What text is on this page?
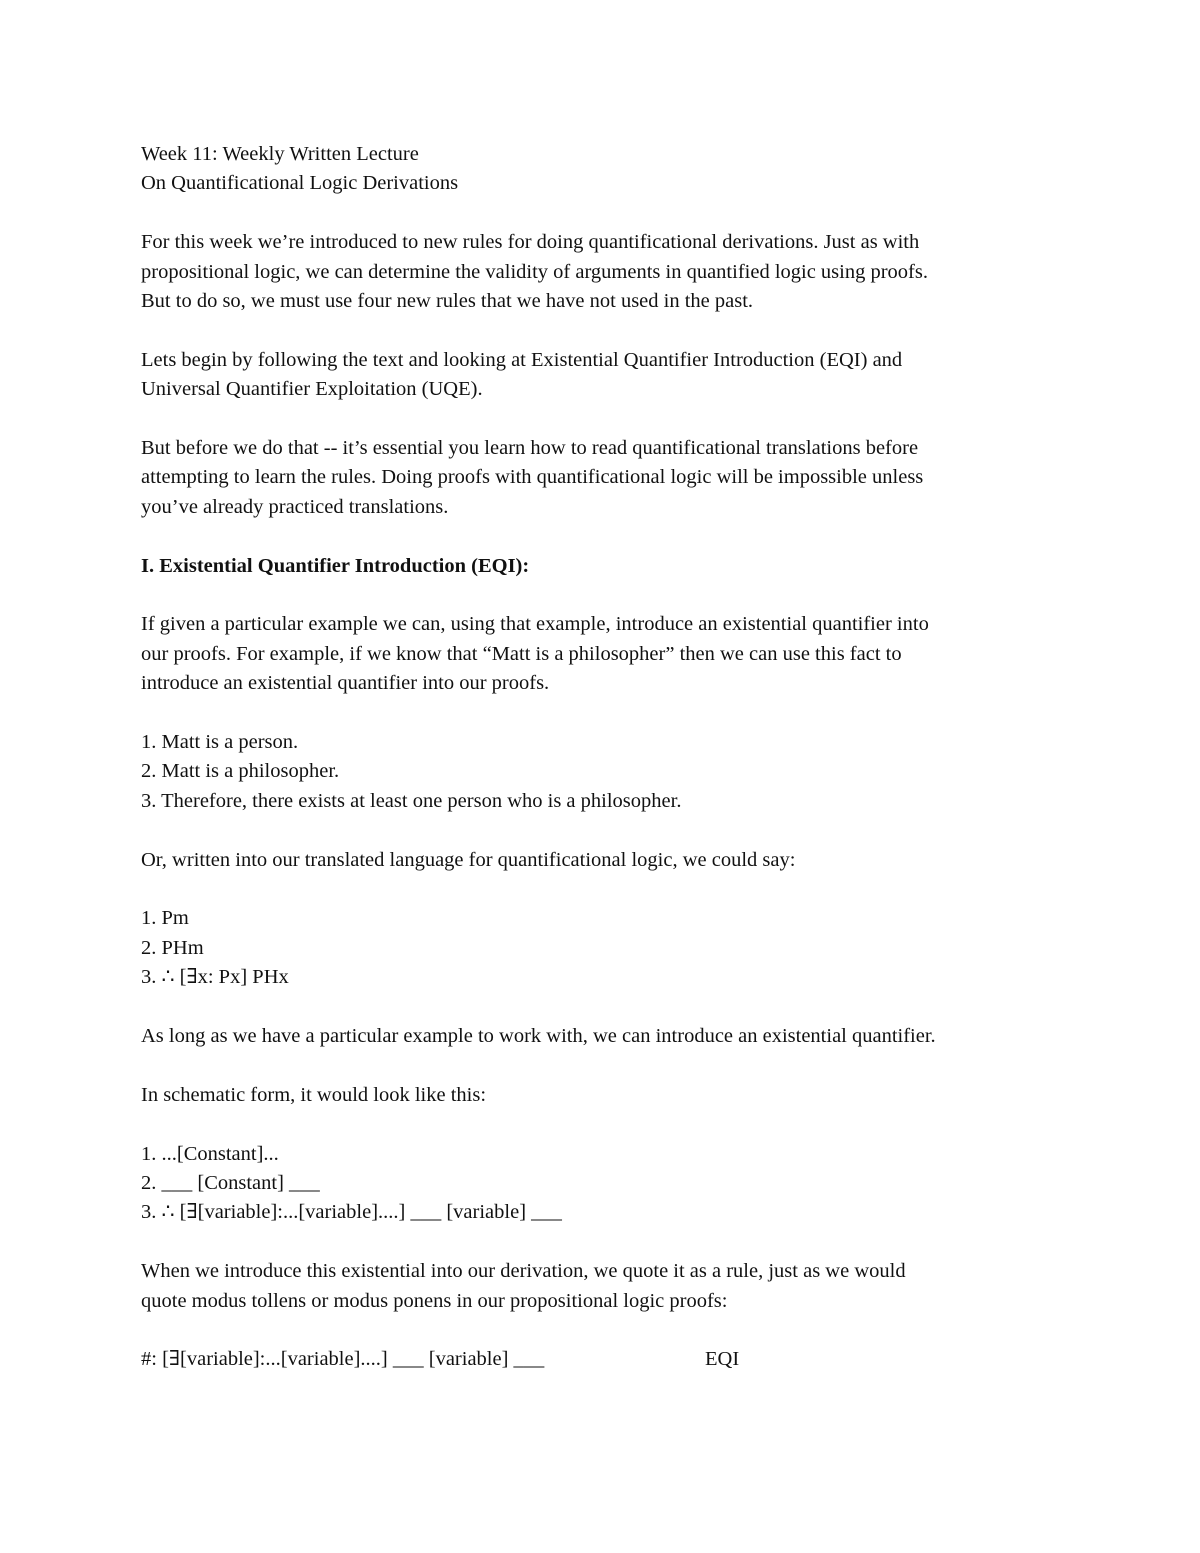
Week 11: Weekly Written Lecture
On Quantificational Logic Derivations

For this week we’re introduced to new rules for doing quantificational derivations. Just as with
propositional logic, we can determine the validity of arguments in quantified logic using proofs.
But to do so, we must use four new rules that we have not used in the past.

Lets begin by following the text and looking at Existential Quantifier Introduction (EQI) and
Universal Quantifier Exploitation (UQE).

But before we do that -- it’s essential you learn how to read quantificational translations before
attempting to learn the rules. Doing proofs with quantificational logic will be impossible unless
you’ve already practiced translations.

I. Existential Quantifier Introduction (EQI):

If given a particular example we can, using that example, introduce an existential quantifier into
our proofs. For example, if we know that “Matt is a philosopher” then we can use this fact to
introduce an existential quantifier into our proofs.

1. Matt is a person.
2. Matt is a philosopher.
3. Therefore, there exists at least one person who is a philosopher.

Or, written into our translated language for quantificational logic, we could say:

1. Pm
2. PHm
3. ∴ [∃x: Px] PHx

As long as we have a particular example to work with, we can introduce an existential quantifier.

In schematic form, it would look like this:

1. ...[Constant]...
2. ___ [Constant] ___
3. ∴ [∃[variable]:...[variable]....] ___ [variable] ___

When we introduce this existential into our derivation, we quote it as a rule, just as we would
quote modus tollens or modus ponens in our propositional logic proofs:

#: [∃[variable]:...[variable]....] ___ [variable] ___	EQI
